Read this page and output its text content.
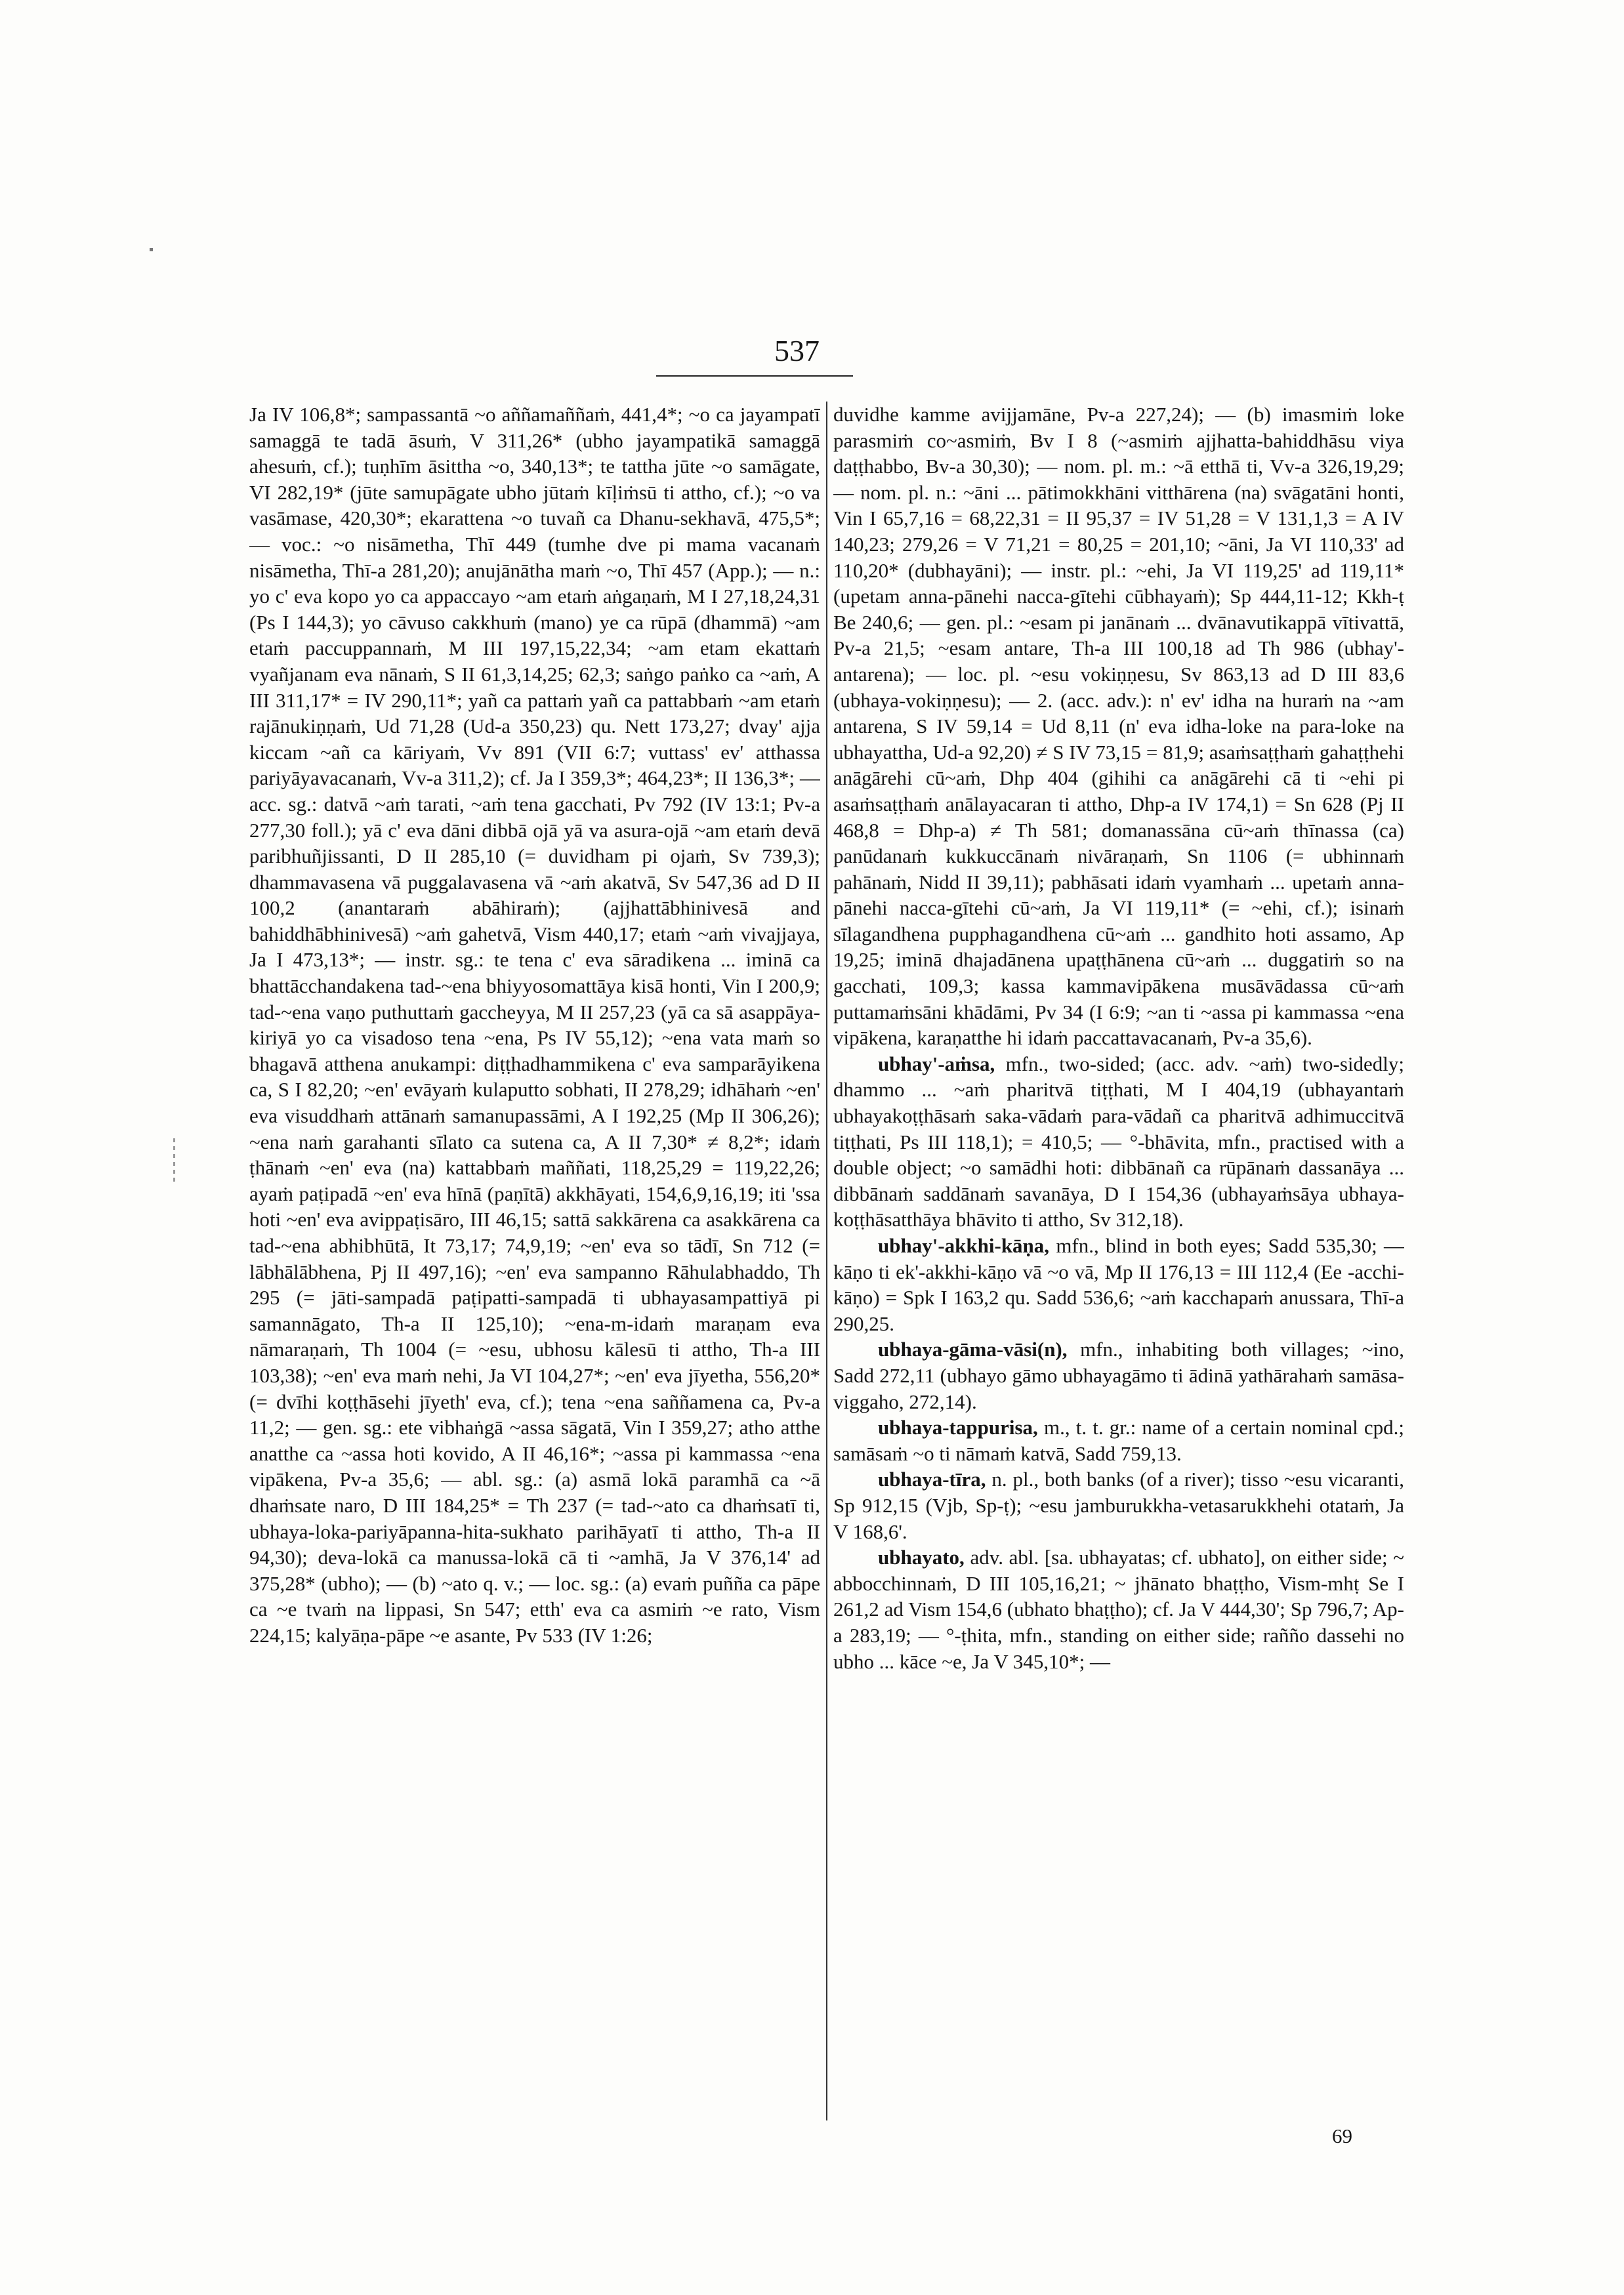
537

Ja IV 106,8*; sampassantā ~o aññamaññaṁ, 441,4*; ~o ca jayampatī samaggā te tadā āsuṁ, V 311,26* (ubho jayampatikā samaggā ahesuṁ, cf.); tuṇhīm āsittha ~o, 340,13*; te tattha jūte ~o samāgate, VI 282,19* (jūte samupāgate ubho jūtaṁ kīḷiṁsū ti attho, cf.); ~o va vasāmase, 420,30*; ekarattena ~o tuvañ ca Dhanu-sekhavā, 475,5*; — voc.: ~o nisāmetha, Thī 449 (tumhe dve pi mama vacanaṁ nisāmetha, Thī-a 281,20); anujānātha maṁ ~o, Thī 457 (App.); — n.: yo c' eva kopo yo ca appaccayo ~am etaṁ aṅgaṇaṁ, M I 27,18,24,31 (Ps I 144,3); yo cāvuso cakkhuṁ (mano) ye ca rūpā (dhammā) ~am etaṁ paccuppannaṁ, M III 197,15,22,34; ~am etam ekattaṁ vyañjanam eva nānaṁ, S II 61,3,14,25; 62,3; saṅgo paṅko ca ~aṁ, A III 311,17* = IV 290,11*; yañ ca pattaṁ yañ ca pattabbaṁ ~am etaṁ rajānukiṇṇaṁ, Ud 71,28 (Ud-a 350,23) qu. Nett 173,27; dvay' ajja kiccam ~añ ca kāriyaṁ, Vv 891 (VII 6:7; vuttass' ev' atthassa pariyāyavacanaṁ, Vv-a 311,2); cf. Ja I 359,3*; 464,23*; II 136,3*; — acc. sg.: datvā ~aṁ tarati, ~aṁ tena gacchati, Pv 792 (IV 13:1; Pv-a 277,30 foll.); yā c' eva dāni dibbā ojā yā va asura-ojā ~am etaṁ devā paribhuñjissanti, D II 285,10 (= duvidham pi ojaṁ, Sv 739,3); dhammavasena vā puggalavasena vā ~aṁ akatvā, Sv 547,36 ad D II 100,2 (anantaraṁ abāhiraṁ); (ajjhattābhinivesā and bahiddhābhinivesā) ~aṁ gahetvā, Vism 440,17; etaṁ ~aṁ vivajjaya, Ja I 473,13*; — instr. sg.: te tena c' eva sāradikena ... iminā ca bhattācchandakena tad-~ena bhiyyosomattāya kisā honti, Vin I 200,9; tad-~ena vaṇo puthuttaṁ gaccheyya, M II 257,23 (yā ca sā asappāya-kiriyā yo ca visadoso tena ~ena, Ps IV 55,12); ~ena vata maṁ so bhagavā atthena anukampi: diṭṭhadhammikena c' eva samparāyikena ca, S I 82,20; ~en' evāyaṁ kulaputto sobhati, II 278,29; idhāhaṁ ~en' eva visuddhaṁ attānaṁ samanupassāmi, A I 192,25 (Mp II 306,26); ~ena naṁ garahanti sīlato ca sutena ca, A II 7,30* ≠ 8,2*; idaṁ ṭhānaṁ ~en' eva (na) kattabbaṁ maññati, 118,25,29 = 119,22,26; ayaṁ paṭipadā ~en' eva hīnā (paṇītā) akkhāyati, 154,6,9,16,19; iti 'ssa hoti ~en' eva avippaṭisāro, III 46,15; sattā sakkārena ca asakkārena ca tad-~ena abhibhūtā, It 73,17; 74,9,19; ~en' eva so tādī, Sn 712 (= lābhālābhena, Pj II 497,16); ~en' eva sampanno Rāhulabhaddo, Th 295 (= jāti-sampadā paṭipatti-sampadā ti ubhayasampattiyā pi samannāgato, Th-a II 125,10); ~ena-m-idaṁ maraṇam eva nāmaraṇaṁ, Th 1004 (= ~esu, ubhosu kālesū ti attho, Th-a III 103,38); ~en' eva maṁ nehi, Ja VI 104,27*; ~en' eva jīyetha, 556,20* (= dvīhi koṭṭhāsehi jīyeth' eva, cf.); tena ~ena saññamena ca, Pv-a 11,2; — gen. sg.: ete vibhaṅgā ~assa sāgatā, Vin I 359,27; atho atthe anatthe ca ~assa hoti kovido, A II 46,16*; ~assa pi kammassa ~ena vipākena, Pv-a 35,6; — abl. sg.: (a) asmā lokā paramhā ca ~ā dhaṁsate naro, D III 184,25* = Th 237 (= tad-~ato ca dhaṁsatī ti, ubhaya-loka-pariyāpanna-hita-sukhato parihāyatī ti attho, Th-a II 94,30); deva-lokā ca manussa-lokā cā ti ~amhā, Ja V 376,14' ad 375,28* (ubho); — (b) ~ato q. v.; — loc. sg.: (a) evaṁ puñña ca pāpe ca ~e tvaṁ na lippasi, Sn 547; etth' eva ca asmiṁ ~e rato, Vism 224,15; kalyāṇa-pāpe ~e asante, Pv 533 (IV 1:26;

duvidhe kamme avijjamāne, Pv-a 227,24); — (b) imasmiṁ loke parasmiṁ co~asmiṁ, Bv I 8 (~asmiṁ ajjhatta-bahiddhāsu viya daṭṭhabbo, Bv-a 30,30); — nom. pl. m.: ~ā etthā ti, Vv-a 326,19,29; — nom. pl. n.: ~āni ... pātimokkhāni vitthārena (na) svāgatāni honti, Vin I 65,7,16 = 68,22,31 = II 95,37 = IV 51,28 = V 131,1,3 = A IV 140,23; 279,26 = V 71,21 = 80,25 = 201,10; ~āni, Ja VI 110,33' ad 110,20* (dubhayāni); — instr. pl.: ~ehi, Ja VI 119,25' ad 119,11* (upetam anna-pānehi nacca-gītehi cūbhayaṁ); Sp 444,11-12; Kkh-ṭ Be 240,6; — gen. pl.: ~esam pi janānaṁ ... dvānavutikappā vītivattā, Pv-a 21,5; ~esam antare, Th-a III 100,18 ad Th 986 (ubhay'-antarena); — loc. pl. ~esu vokiṇṇesu, Sv 863,13 ad D III 83,6 (ubhaya-vokiṇṇesu); — 2. (acc. adv.): n' ev' idha na huraṁ na ~am antarena, S IV 59,14 = Ud 8,11 (n' eva idha-loke na para-loke na ubhayattha, Ud-a 92,20) ≠ S IV 73,15 = 81,9; asaṁsaṭṭhaṁ gahaṭṭhehi anāgārehi cū~aṁ, Dhp 404 (gihihi ca anāgārehi cā ti ~ehi pi asaṁsaṭṭhaṁ anālayacaran ti attho, Dhp-a IV 174,1) = Sn 628 (Pj II 468,8 = Dhp-a) ≠ Th 581; domanassāna cū~aṁ thīnassa (ca) panūdanaṁ kukkuccānaṁ nivāraṇaṁ, Sn 1106 (= ubhinnaṁ pahānaṁ, Nidd II 39,11); pabhāsati idaṁ vyamhaṁ ... upetaṁ anna-pānehi nacca-gītehi cū~aṁ, Ja VI 119,11* (= ~ehi, cf.); isinaṁ sīlagandhena pupphagandhena cū~aṁ ... gandhito hoti assamo, Ap 19,25; iminā dhajadānena upaṭṭhānena cū~aṁ ... duggatiṁ so na gacchati, 109,3; kassa kammavipākena musāvādassa cū~aṁ puttamaṁsāni khādāmi, Pv 34 (I 6:9; ~an ti ~assa pi kammassa ~ena vipākena, karaṇatthe hi idaṁ paccattavacanaṁ, Pv-a 35,6).

ubhay'-aṁsa, mfn., two-sided; (acc. adv. ~aṁ) two-sidedly; dhammo ... ~aṁ pharitvā tiṭṭhati, M I 404,19 (ubhayantaṁ ubhayakoṭṭhāsaṁ saka-vādaṁ para-vādañ ca pharitvā adhimuccitvā tiṭṭhati, Ps III 118,1); = 410,5; — °-bhāvita, mfn., practised with a double object; ~o samādhi hoti: dibbānañ ca rūpānaṁ dassanāya ... dibbānaṁ saddānaṁ savanāya, D I 154,36 (ubhayaṁsāya ubhaya-koṭṭhāsatthāya bhāvito ti attho, Sv 312,18).

ubhay'-akkhi-kāṇa, mfn., blind in both eyes; Sadd 535,30; — kāṇo ti ek'-akkhi-kāṇo vā ~o vā, Mp II 176,13 = III 112,4 (Ee -acchi-kāṇo) = Spk I 163,2 qu. Sadd 536,6; ~aṁ kacchapaṁ anussara, Thī-a 290,25.

ubhaya-gāma-vāsi(n), mfn., inhabiting both villages; ~ino, Sadd 272,11 (ubhayo gāmo ubhayagāmo ti ādinā yathārahaṁ samāsa-viggaho, 272,14).

ubhaya-tappurisa, m., t. t. gr.: name of a certain nominal cpd.; samāsaṁ ~o ti nāmaṁ katvā, Sadd 759,13.

ubhaya-tīra, n. pl., both banks (of a river); tisso ~esu vicaranti, Sp 912,15 (Vjb, Sp-ṭ); ~esu jamburukkha-vetasarukkhehi otataṁ, Ja V 168,6'.

ubhayato, adv. abl. [sa. ubhayatas; cf. ubhato], on either side; ~ abbocchinnaṁ, D III 105,16,21; ~ jhānato bhaṭṭho, Vism-mhṭ Se I 261,2 ad Vism 154,6 (ubhato bhaṭṭho); cf. Ja V 444,30'; Sp 796,7; Ap-a 283,19; — °-ṭhita, mfn., standing on either side; rañño dassehi no ubho ... kāce ~e, Ja V 345,10*; —

69
